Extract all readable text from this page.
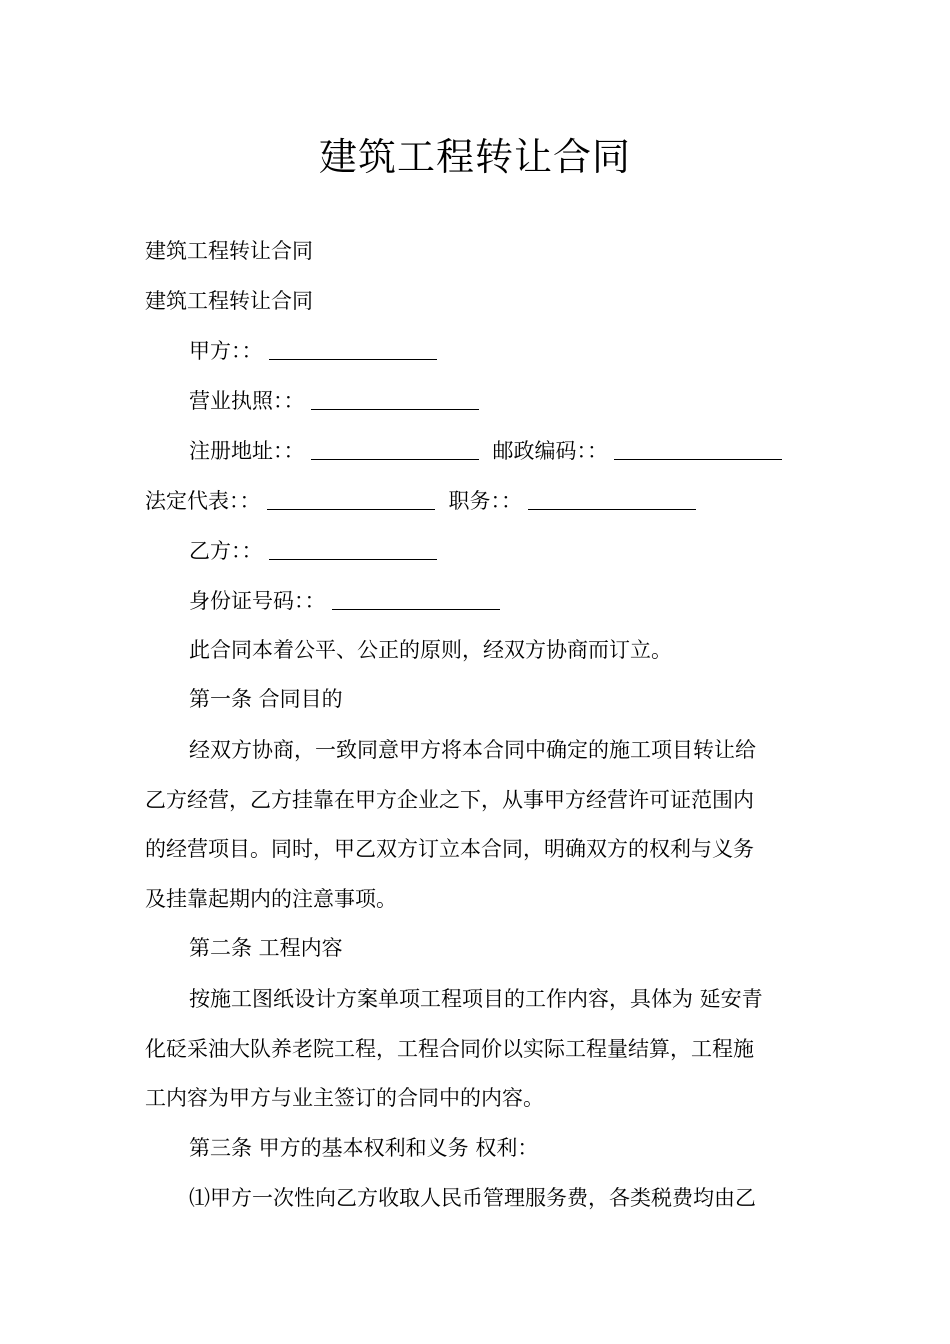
建筑工程转让合同
建筑工程转让合同
建筑工程转让合同
甲方：：
营业执照：：
注册地址：：	邮政编码：：
法定代表：：	职务：：
乙方：：
身份证号码：：
此合同本着公平、公正的原则，经双方协商而订立。
第一条 合同目的
经双方协商，一致同意甲方将本合同中确定的施工项目转让给
乙方经营，乙方挂靠在甲方企业之下，从事甲方经营许可证范围内
的经营项目。同时，甲乙双方订立本合同，明确双方的权利与义务
及挂靠起期内的注意事项。
第二条 工程内容
按施工图纸设计方案单项工程项目的工作内容，具体为 延安青
化砭采油大队养老院工程，工程合同价以实际工程量结算，工程施
工内容为甲方与业主签订的合同中的内容。
第三条 甲方的基本权利和义务 权利：
⑴甲方一次性向乙方收取人民币管理服务费，各类税费均由乙
